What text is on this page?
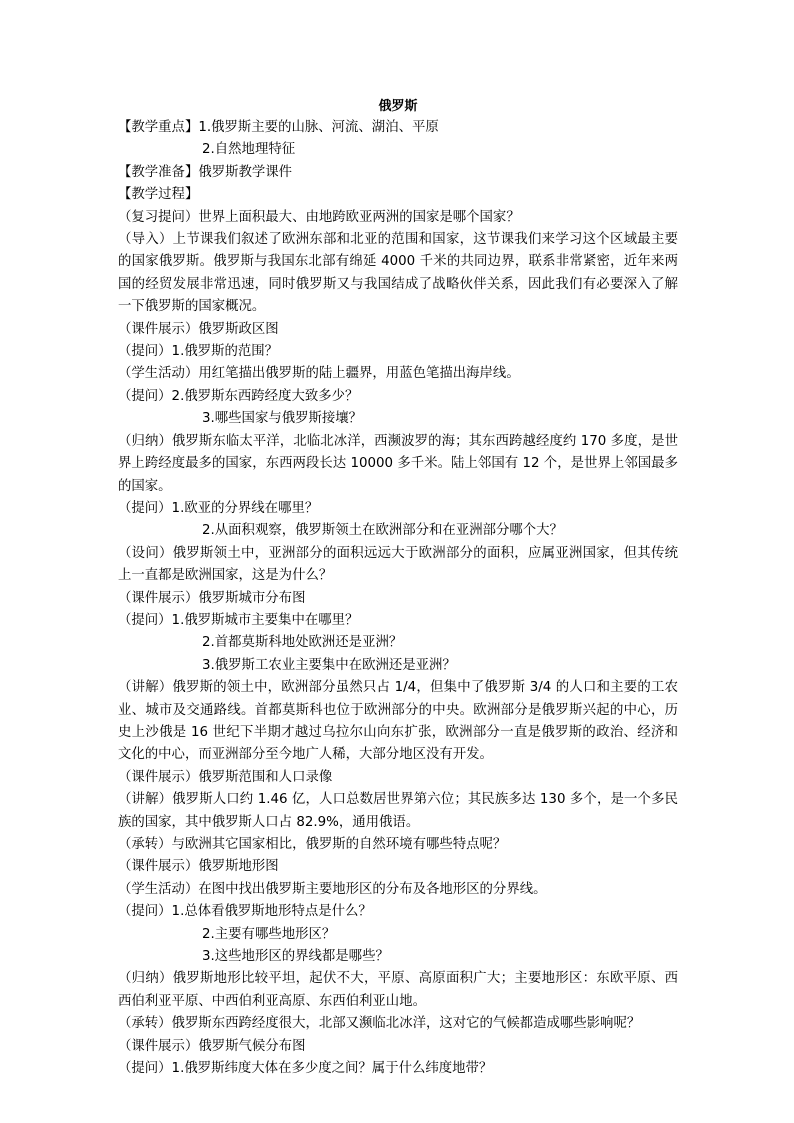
俄罗斯

【教学重点】1.俄罗斯主要的山脉、河流、湖泊、平原

2.自然地理特征

【教学准备】俄罗斯教学课件

【教学过程】

（复习提问）世界上面积最大、由地跨欧亚两洲的国家是哪个国家？

（导入）上节课我们叙述了欧洲东部和北亚的范围和国家，这节课我们来学习这个区域最主要的国家俄罗斯。俄罗斯与我国东北部有绵延 4000 千米的共同边界，联系非常紧密，近年来两国的经贸发展非常迅速，同时俄罗斯又与我国结成了战略伙伴关系，因此我们有必要深入了解一下俄罗斯的国家概况。

（课件展示）俄罗斯政区图

（提问）1.俄罗斯的范围？

（学生活动）用红笔描出俄罗斯的陆上疆界，用蓝色笔描出海岸线。

（提问）2.俄罗斯东西跨经度大致多少？

3.哪些国家与俄罗斯接壤？

（归纳）俄罗斯东临太平洋，北临北冰洋，西濒波罗的海；其东西跨越经度约 170 多度，是世界上跨经度最多的国家，东西两段长达 10000 多千米。陆上邻国有 12 个，是世界上邻国最多的国家。

（提问）1.欧亚的分界线在哪里？

2.从面积观察，俄罗斯领土在欧洲部分和在亚洲部分哪个大？

（设问）俄罗斯领土中，亚洲部分的面积远远大于欧洲部分的面积，应属亚洲国家，但其传统上一直都是欧洲国家，这是为什么？

（课件展示）俄罗斯城市分布图

（提问）1.俄罗斯城市主要集中在哪里？

2.首都莫斯科地处欧洲还是亚洲？

3.俄罗斯工农业主要集中在欧洲还是亚洲？

（讲解）俄罗斯的领土中，欧洲部分虽然只占 1/4，但集中了俄罗斯 3/4 的人口和主要的工农业、城市及交通路线。首都莫斯科也位于欧洲部分的中央。欧洲部分是俄罗斯兴起的中心，历史上沙俄是 16 世纪下半期才越过乌拉尔山向东扩张，欧洲部分一直是俄罗斯的政治、经济和文化的中心，而亚洲部分至今地广人稀，大部分地区没有开发。

（课件展示）俄罗斯范围和人口录像

（讲解）俄罗斯人口约 1.46 亿，人口总数居世界第六位；其民族多达 130 多个，是一个多民族的国家，其中俄罗斯人口占 82.9%，通用俄语。

（承转）与欧洲其它国家相比，俄罗斯的自然环境有哪些特点呢？

（课件展示）俄罗斯地形图

（学生活动）在图中找出俄罗斯主要地形区的分布及各地形区的分界线。

（提问）1.总体看俄罗斯地形特点是什么？

2.主要有哪些地形区？

3.这些地形区的界线都是哪些？

（归纳）俄罗斯地形比较平坦，起伏不大，平原、高原面积广大；主要地形区：东欧平原、西西伯利亚平原、中西伯利亚高原、东西伯利亚山地。

（承转）俄罗斯东西跨经度很大，北部又濒临北冰洋，这对它的气候都造成哪些影响呢？

（课件展示）俄罗斯气候分布图

（提问）1.俄罗斯纬度大体在多少度之间？属于什么纬度地带？
